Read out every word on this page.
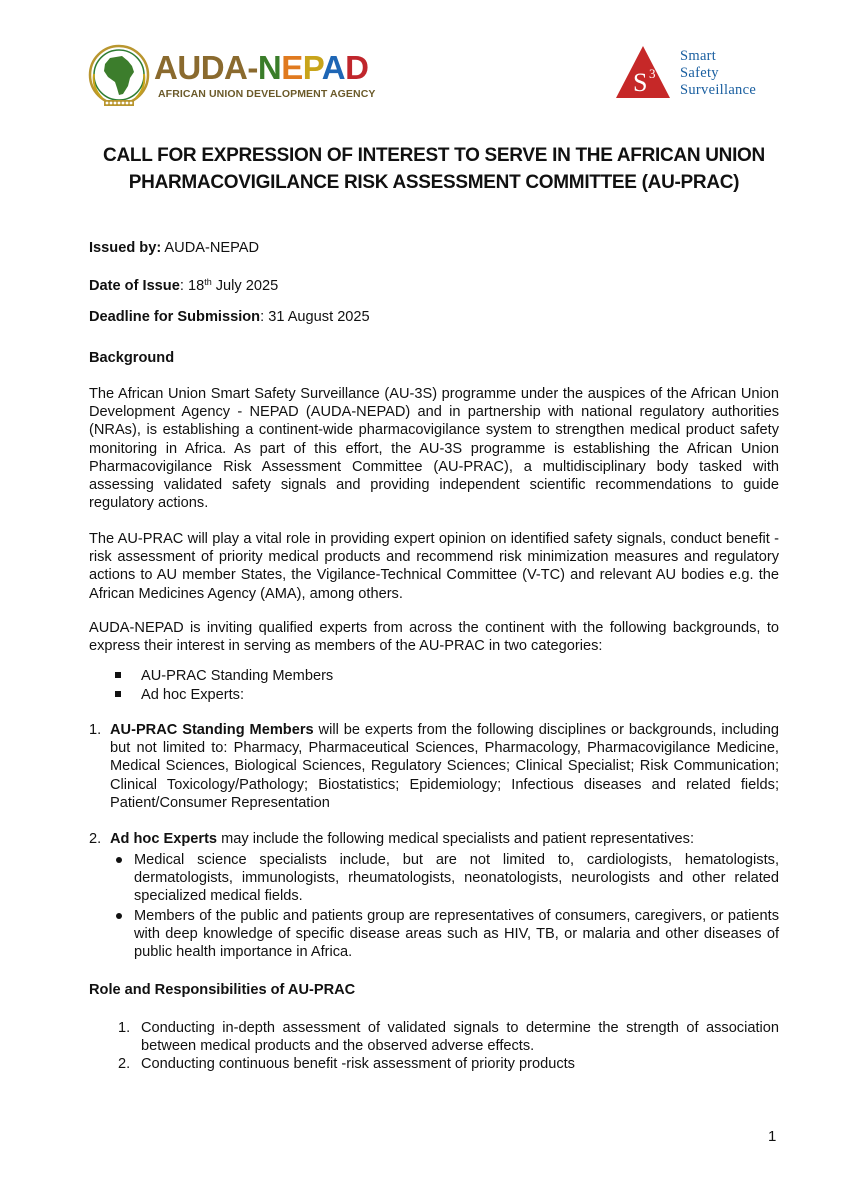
AUDA-NEPAD
AFRICAN UNION DEVELOPMENT AGENCY	S 3
Smart
Safety
Surveillance
CALL FOR EXPRESSION OF INTEREST TO SERVE IN THE AFRICAN UNION
PHARMACOVIGILANCE RISK ASSESSMENT COMMITTEE (AU-PRAC)

Issued by: AUDA-NEPAD

Date of Issue: 18th July 2025

Deadline for Submission: 31 August 2025

Background

The African Union Smart Safety Surveillance (AU-3S) programme under the auspices of the African Union Development Agency - NEPAD (AUDA-NEPAD) and in partnership with national regulatory authorities (NRAs), is establishing a continent-wide pharmacovigilance system to strengthen medical product safety monitoring in Africa. As part of this effort, the AU-3S programme is establishing the African Union Pharmacovigilance Risk Assessment Committee (AU-PRAC), a multidisciplinary body tasked with assessing validated safety signals and providing independent scientific recommendations to guide regulatory actions.

The AU-PRAC will play a vital role in providing expert opinion on identified safety signals, conduct benefit -risk assessment of priority medical products and recommend risk minimization measures and regulatory actions to AU member States, the Vigilance-Technical Committee (V-TC) and relevant AU bodies e.g. the African Medicines Agency (AMA), among others.

AUDA-NEPAD is inviting qualified experts from across the continent with the following backgrounds, to express their interest in serving as members of the AU-PRAC in two categories:

AU-PRAC Standing Members
Ad hoc Experts:
1. AU-PRAC Standing Members will be experts from the following disciplines or backgrounds, including but not limited to: Pharmacy, Pharmaceutical Sciences, Pharmacology, Pharmacovigilance Medicine, Medical Sciences, Biological Sciences, Regulatory Sciences; Clinical Specialist; Risk Communication; Clinical Toxicology/Pathology; Biostatistics; Epidemiology; Infectious diseases and related fields; Patient/Consumer Representation

2. Ad hoc Experts may include the following medical specialists and patient representatives:

Medical science specialists include, but are not limited to, cardiologists, hematologists, dermatologists, immunologists, rheumatologists, neonatologists, neurologists and other related specialized medical fields.

Members of the public and patients group are representatives of consumers, caregivers, or patients with deep knowledge of specific disease areas such as HIV, TB, or malaria and other diseases of public health importance in Africa.

Role and Responsibilities of AU-PRAC

1. Conducting in-depth assessment of validated signals to determine the strength of association between medical products and the observed adverse effects.

2. Conducting continuous benefit -risk assessment of priority products

1
